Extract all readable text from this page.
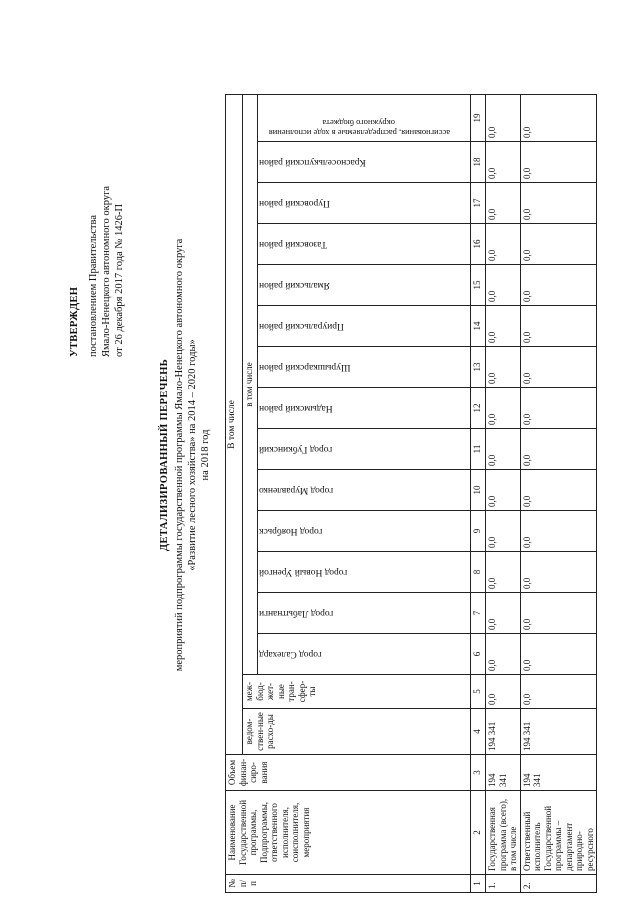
УТВЕРЖДЕН постановлением Правительства Ямало-Ненецкого автономного округа от 26 декабря 2017 года № 1426-П
ДЕТАЛИЗИРОВАННЫЙ ПЕРЕЧЕНЬ мероприятий подпрограммы государственной программы Ямало-Ненецкого автономного округа «Развитие лесного хозяйства» на 2014 – 2020 годы» на 2018 год
№ п/п	Наименование Государственной программы, Подпрограммы, ответственного исполнителя, соисполнителя, мероприятия	Объем финан-сиро-вания	В том числе															
			ведом-ствен-ные расхо-ды	меж-бюд-жет-ные тран-сфер-ты	в том числе													

					город Салехард	город Лабытнанги	город Новый Уренгой	город Ноябрьск	город Муравленко	город Губкинский	Надымский район	Шурышкарский район	Приуральский район	Ямальский район	Тазовский район	Пуровский район	Красноселькупский район	ассигнования, распределяемые в ходе исполнения окружного бюджета

1	2	3	4	5	6	7	8	9	10	11	12	13	14	15	16	17	18	19
1.	Государственная программа (всего), в том числе	194 341	194 341	0,0	0,0	0,0	0,0	0,0	0,0	0,0	0,0	0,0	0,0	0,0	0,0	0,0	0,0	0,0
2.	Ответственный исполнитель Государственной программы – департамент природно-ресурсного	194 341	194 341	0,0	0,0	0,0	0,0	0,0	0,0	0,0	0,0	0,0	0,0	0,0	0,0	0,0	0,0	0,0
